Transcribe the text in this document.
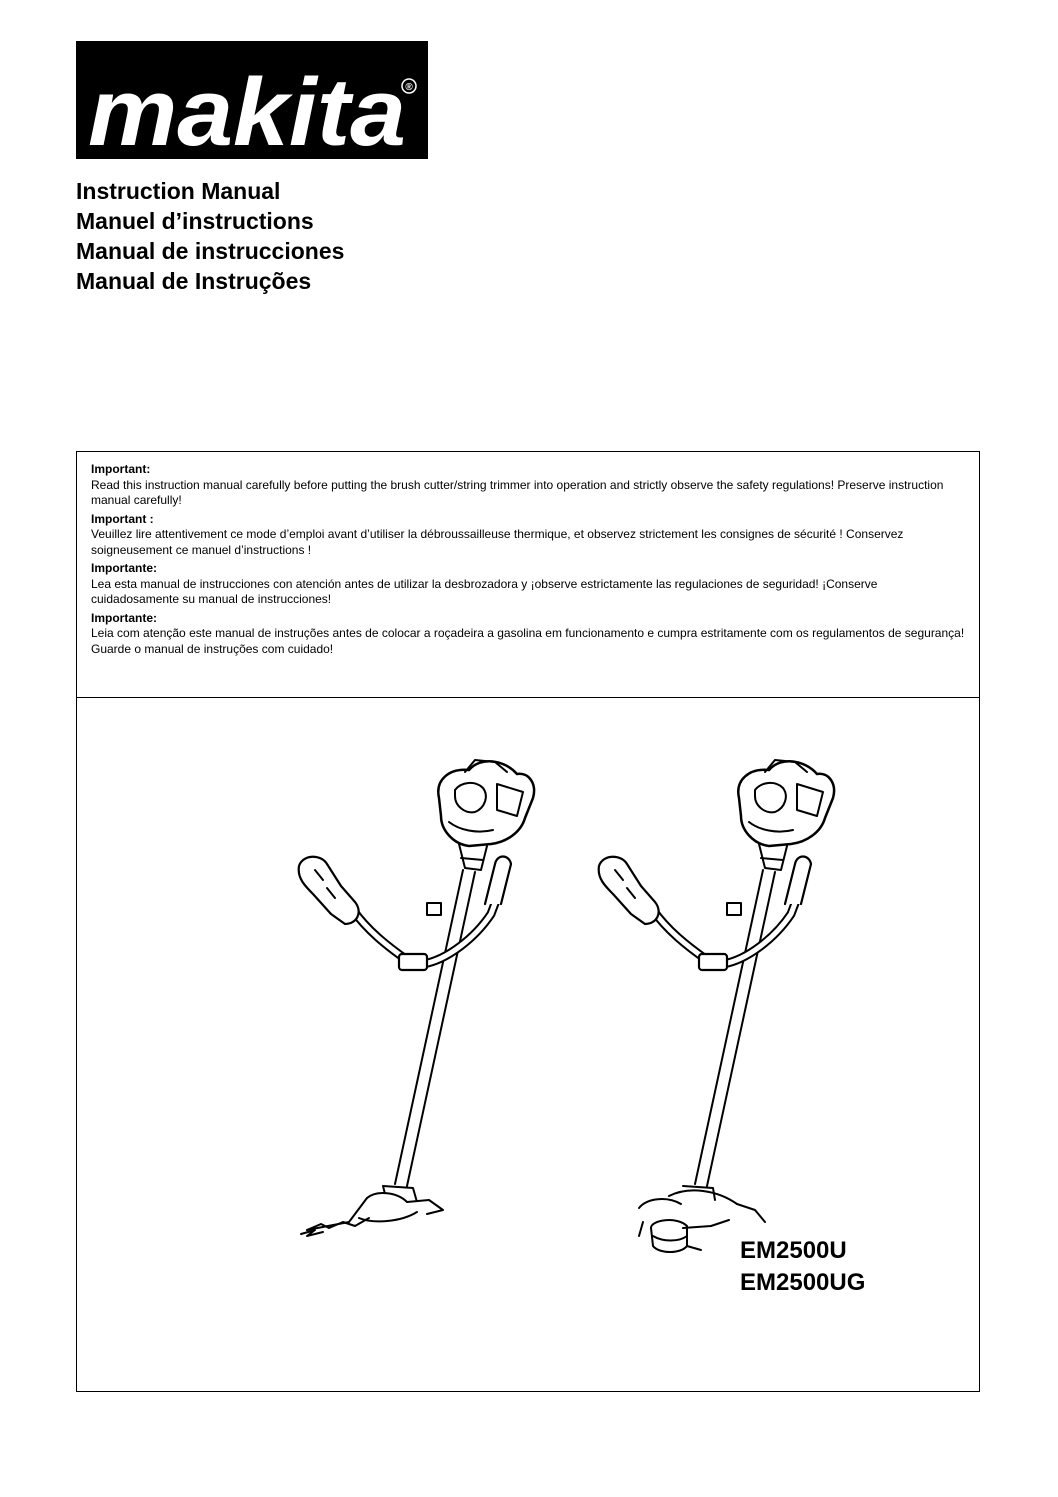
makita ®
Instruction Manual
Manuel d’instructions
Manual de instrucciones
Manual de Instruções
Important:
Read this instruction manual carefully before putting the brush cutter/string trimmer into operation and strictly observe the safety regulations! Preserve instruction manual carefully!
Important :
Veuillez lire attentivement ce mode d’emploi avant d’utiliser la débroussailleuse thermique, et observez strictement les consignes de sécurité ! Conservez soigneusement ce manuel d’instructions !
Importante:
Lea esta manual de instrucciones con atención antes de utilizar la desbrozadora y ¡observe estrictamente las regulaciones de seguridad! ¡Conserve cuidadosamente su manual de instrucciones!
Importante:
Leia com atenção este manual de instruções antes de colocar a roçadeira a gasolina em funcionamento e cumpra estritamente com os regulamentos de segurança! Guarde o manual de instruções com cuidado!
EM2500U
EM2500UG
